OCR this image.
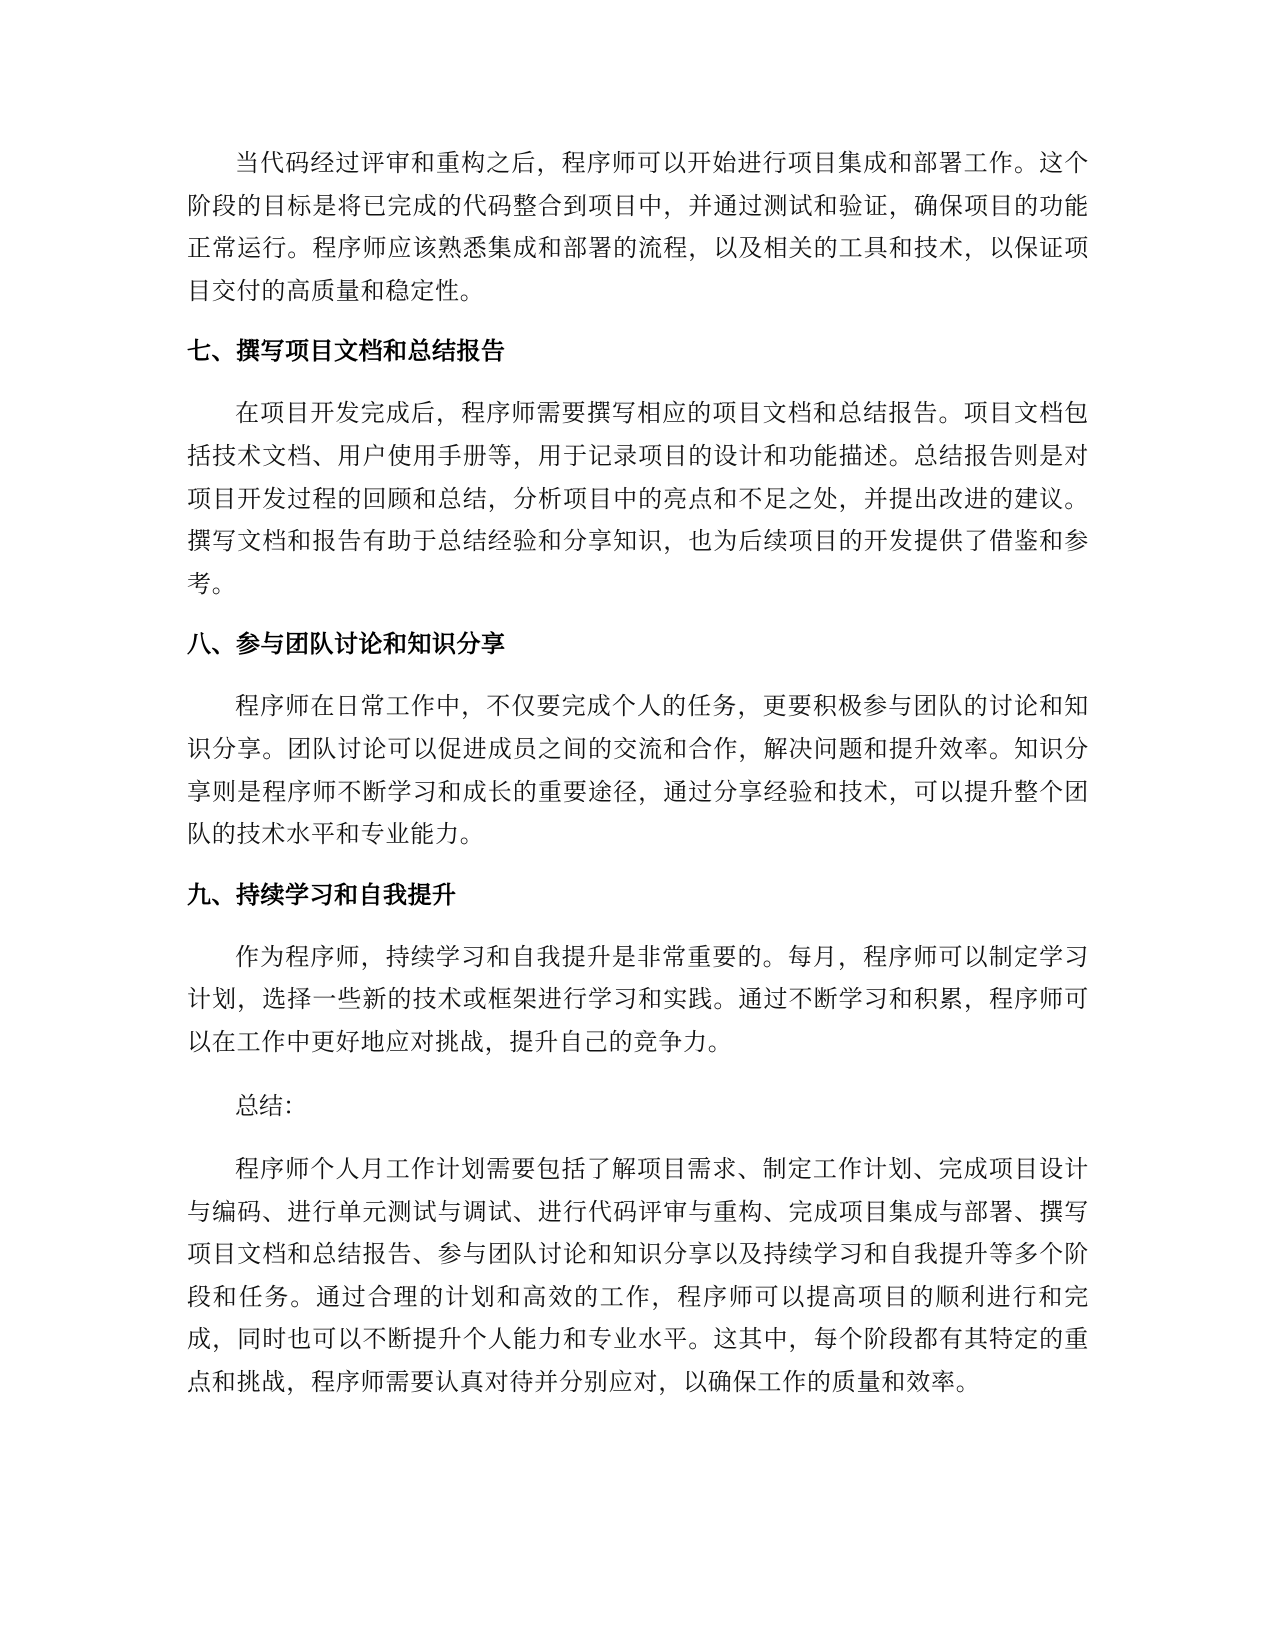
当代码经过评审和重构之后，程序师可以开始进行项目集成和部署工作。这个阶段的目标是将已完成的代码整合到项目中，并通过测试和验证，确保项目的功能正常运行。程序师应该熟悉集成和部署的流程，以及相关的工具和技术，以保证项目交付的高质量和稳定性。

七、撰写项目文档和总结报告

在项目开发完成后，程序师需要撰写相应的项目文档和总结报告。项目文档包括技术文档、用户使用手册等，用于记录项目的设计和功能描述。总结报告则是对项目开发过程的回顾和总结，分析项目中的亮点和不足之处，并提出改进的建议。撰写文档和报告有助于总结经验和分享知识，也为后续项目的开发提供了借鉴和参考。

八、参与团队讨论和知识分享

程序师在日常工作中，不仅要完成个人的任务，更要积极参与团队的讨论和知识分享。团队讨论可以促进成员之间的交流和合作，解决问题和提升效率。知识分享则是程序师不断学习和成长的重要途径，通过分享经验和技术，可以提升整个团队的技术水平和专业能力。

九、持续学习和自我提升

作为程序师，持续学习和自我提升是非常重要的。每月，程序师可以制定学习计划，选择一些新的技术或框架进行学习和实践。通过不断学习和积累，程序师可以在工作中更好地应对挑战，提升自己的竞争力。

总结：

程序师个人月工作计划需要包括了解项目需求、制定工作计划、完成项目设计与编码、进行单元测试与调试、进行代码评审与重构、完成项目集成与部署、撰写项目文档和总结报告、参与团队讨论和知识分享以及持续学习和自我提升等多个阶段和任务。通过合理的计划和高效的工作，程序师可以提高项目的顺利进行和完成，同时也可以不断提升个人能力和专业水平。这其中，每个阶段都有其特定的重点和挑战，程序师需要认真对待并分别应对，以确保工作的质量和效率。
